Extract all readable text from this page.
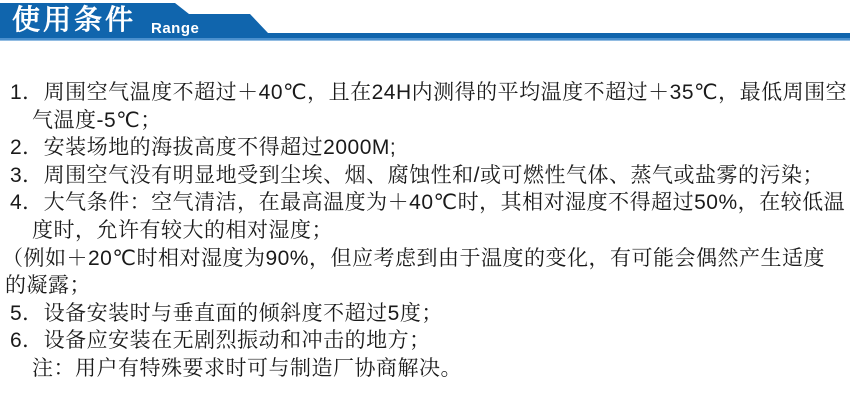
使用条件 Range
1．周围空气温度不超过＋40℃，且在24H内测得的平均温度不超过＋35℃，最低周围空
气温度-5℃；
2．安装场地的海拔高度不得超过2000M;
3．周围空气没有明显地受到尘埃、烟、腐蚀性和/或可燃性气体、蒸气或盐雾的污染；
4．大气条件：空气清洁，在最高温度为＋40℃时，其相对湿度不得超过50%，在较低温
度时，允许有较大的相对湿度；
（例如＋20℃时相对湿度为90%，但应考虑到由于温度的变化，有可能会偶然产生适度
的凝露；
5．设备安装时与垂直面的倾斜度不超过5度；
6．设备应安装在无剧烈振动和冲击的地方；
注：用户有特殊要求时可与制造厂协商解决。
